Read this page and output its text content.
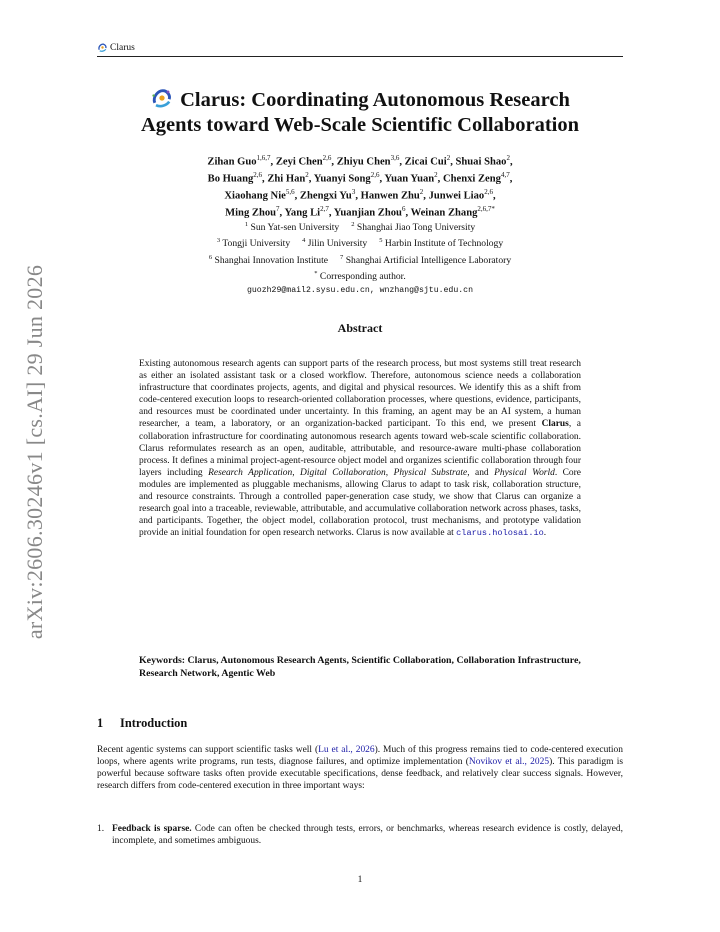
arXiv:2606.30246v1 [cs.AI] 29 Jun 2026
Clarus
Clarus: Coordinating Autonomous Research
Agents toward Web-Scale Scientific Collaboration
Zihan Guo$^{1,6,7}$, Zeyi Chen$^{2,6}$, Zhiyu Chen$^{3,6}$, Zicai Cui$^2$, Shuai Shao$^2$,
Bo Huang$^{2,6}$, Zhi Han$^2$, Yuanyi Song$^{2,6}$, Yuan Yuan$^2$, Chenxi Zeng$^{4,7}$,
Xiaohang Nie$^{5,6}$, Zhengxi Yu$^3$, Hanwen Zhu$^2$, Junwei Liao$^{2,6}$,
Ming Zhou$^7$, Yang Li$^{2,7}$, Yuanjian Zhou$^6$, Weinan Zhang$^{2,6,7*}$
$^1$ Sun Yat-sen University  $^2$ Shanghai Jiao Tong University
$^3$ Tongji University  $^4$ Jilin University  $^5$ Harbin Institute of Technology
$^6$ Shanghai Innovation Institute  $^7$ Shanghai Artificial Intelligence Laboratory
* Corresponding author.
guozh29@mail2.sysu.edu.cn, wnzhang@sjtu.edu.cn
Abstract
Existing autonomous research agents can support parts of the research process, but most systems still treat research as either an isolated assistant task or a closed workflow. Therefore, autonomous science needs a collaboration infrastructure that coordinates projects, agents, and digital and physical resources. We identify this as a shift from code-centered execution loops to research-oriented collaboration processes, where questions, evidence, participants, and resources must be coordinated under uncertainty. In this framing, an agent may be an AI system, a human researcher, a team, a laboratory, or an organization-backed participant. To this end, we present Clarus, a collaboration infrastructure for coordinating autonomous research agents toward web-scale scientific collaboration. Clarus reformulates research as an open, auditable, attributable, and resource-aware multi-phase collaboration process. It defines a minimal project-agent-resource object model and organizes scientific collaboration through four layers including Research Application, Digital Collaboration, Physical Substrate, and Physical World. Core modules are implemented as pluggable mechanisms, allowing Clarus to adapt to task risk, collaboration structure, and resource constraints. Through a controlled paper-generation case study, we show that Clarus can organize a research goal into a traceable, reviewable, attributable, and accumulative collaboration network across phases, tasks, and participants. Together, the object model, collaboration protocol, trust mechanisms, and prototype validation provide an initial foundation for open research networks. Clarus is now available at clarus.holosai.io.
Keywords: Clarus, Autonomous Research Agents, Scientific Collaboration, Collaboration Infrastructure, Research Network, Agentic Web
1 Introduction
Recent agentic systems can support scientific tasks well (Lu et al., 2026). Much of this progress remains tied to code-centered execution loops, where agents write programs, run tests, diagnose failures, and optimize implementation (Novikov et al., 2025). This paradigm is powerful because software tasks often provide executable specifications, dense feedback, and relatively clear success signals. However, research differs from code-centered execution in three important ways:
1. Feedback is sparse. Code can often be checked through tests, errors, or benchmarks, whereas research evidence is costly, delayed, incomplete, and sometimes ambiguous.
1
